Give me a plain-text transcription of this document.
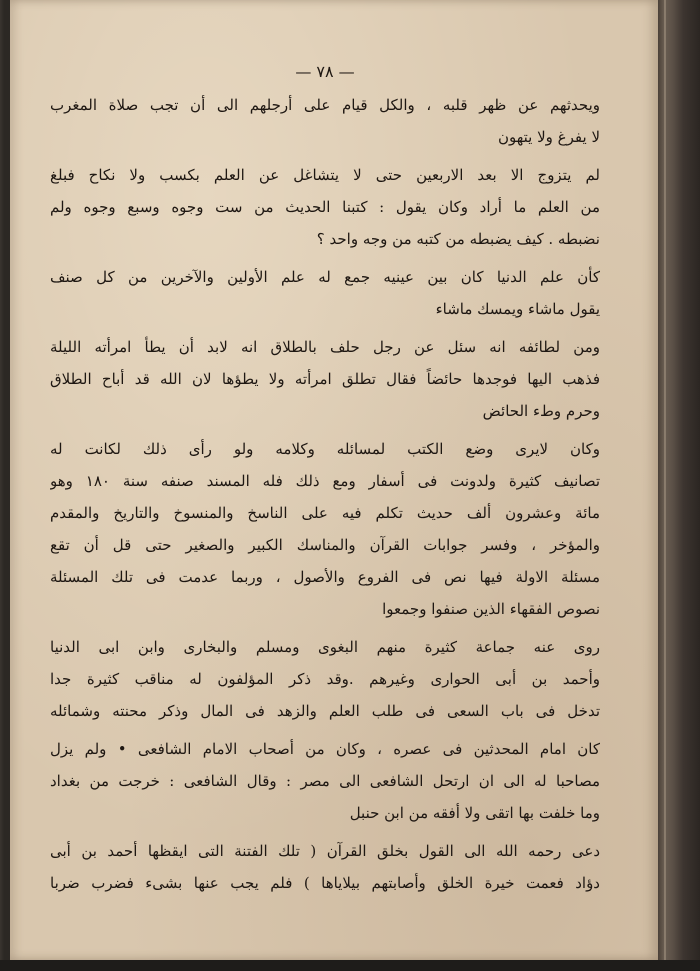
— ٧٨ —
ويحدثهم عن ظهر قلبه ، والكل قيام على أرجلهم الى أن تجب صلاة المغرب
لا يفرغ ولا يتهون
لم يتزوج الا بعد الاربعين حتى لا يتشاغل عن العلم بكسب ولا نكاح فبلغ
من العلم ما أراد وكان يقول : كتبنا الحديث من ست وجوه وسبع وجوه ولم
نضبطه . كيف يضبطه من كتبه من وجه واحد ؟
كأن علم الدنيا كان بين عينيه جمع له علم الأولين والآخرين من كل صنف
يقول ماشاء ويمسك ماشاء
ومن لطائفه انه سئل عن رجل حلف بالطلاق انه لابد أن يطأ امرأته الليلة
فذهب اليها فوجدها حائضاً فقال تطلق امرأته ولا يطؤها لان الله قد أباح الطلاق
وحرم وطء الحائض
وكان لايرى وضع الكتب لمسائله وكلامه ولو رأى ذلك لكانت له
تصانيف كثيرة ولدونت فى أسفار ومع ذلك فله المسند صنفه سنة ١٨٠ وهو
مائة وعشرون ألف حديث تكلم فيه على الناسخ والمنسوخ والتاريخ والمقدم
والمؤخر ، وفسر جوابات القرآن والمناسك الكبير والصغير حتى قل أن تقع
مسئلة الاولة فيها نص فى الفروع والأصول ، وربما عدمت فى تلك المسئلة
نصوص الفقهاء الذين صنفوا وجمعوا
روى عنه جماعة كثيرة منهم البغوى ومسلم والبخارى وابن ابى الدنيا
وأحمد بن أبى الحوارى وغيرهم .وقد ذكر المؤلفون له مناقب كثيرة جدا
تدخل فى باب السعى فى طلب العلم والزهد فى المال وذكر محنته وشمائله
كان امام المحدثين فى عصره ، وكان من أصحاب الامام الشافعى • ولم يزل
مصاحبا له الى ان ارتحل الشافعى الى مصر : وقال الشافعى : خرجت من بغداد
وما خلفت بها اتقى ولا أفقه من ابن حنبل
دعى رحمه الله الى القول بخلق القرآن ( تلك الفتنة التى ايقظها أحمد بن أبى
دؤاد فعمت خيرة الخلق وأصابتهم بيلاياها ) فلم يجب عنها بشىء فضرب ضربا
